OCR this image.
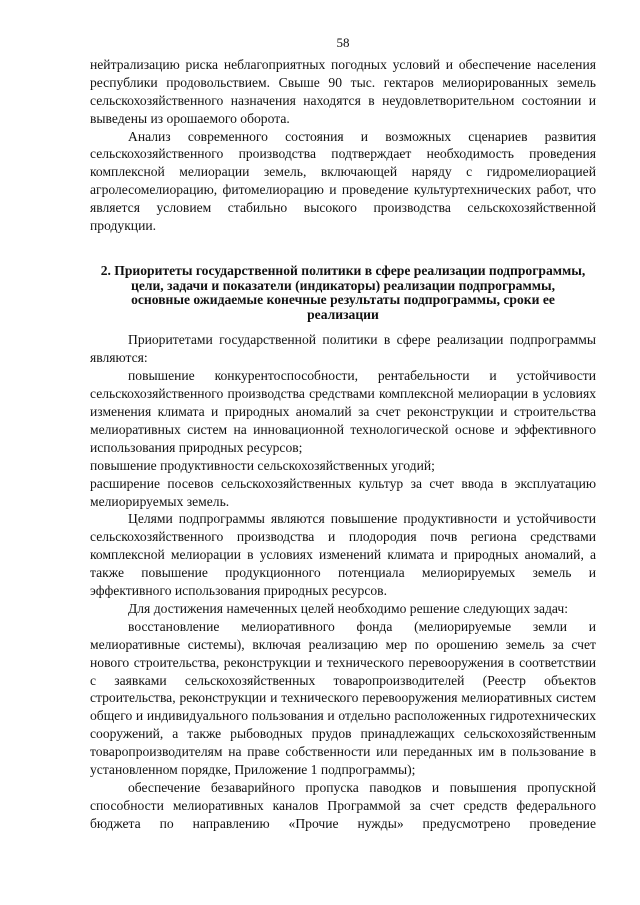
58

нейтрализацию риска неблагоприятных погодных условий и обеспечение населения республики продовольствием. Свыше 90 тыс. гектаров мелиорированных земель сельскохозяйственного назначения находятся в неудовлетворительном состоянии и выведены из орошаемого оборота.

Анализ современного состояния и возможных сценариев развития сельскохозяйственного производства подтверждает необходимость проведения комплексной мелиорации земель, включающей наряду с гидромелиорацией агролесомелиорацию, фитомелиорацию и проведение культуртехнических работ, что является условием стабильно высокого производства сельскохозяйственной продукции.

2. Приоритеты государственной политики в сфере реализации подпрограммы, цели, задачи и показатели (индикаторы) реализации подпрограммы, основные ожидаемые конечные результаты подпрограммы, сроки ее реализации

Приоритетами государственной политики в сфере реализации подпрограммы являются:

повышение конкурентоспособности, рентабельности и устойчивости сельскохозяйственного производства средствами комплексной мелиорации в условиях изменения климата и природных аномалий за счет реконструкции и строительства мелиоративных систем на инновационной технологической основе и эффективного использования природных ресурсов;

повышение продуктивности сельскохозяйственных угодий;

расширение посевов сельскохозяйственных культур за счет ввода в эксплуатацию мелиорируемых земель.

Целями подпрограммы являются повышение продуктивности и устойчивости сельскохозяйственного производства и плодородия почв региона средствами комплексной мелиорации в условиях изменений климата и природных аномалий, а также повышение продукционного потенциала мелиорируемых земель и эффективного использования природных ресурсов.

Для достижения намеченных целей необходимо решение следующих задач:

восстановление мелиоративного фонда (мелиорируемые земли и мелиоративные системы), включая реализацию мер по орошению земель за счет нового строительства, реконструкции и технического перевооружения в соответствии с заявками сельскохозяйственных товаропроизводителей (Реестр объектов строительства, реконструкции и технического перевооружения мелиоративных систем общего и индивидуального пользования и отдельно расположенных гидротехнических сооружений, а также рыбоводных прудов принадлежащих сельскохозяйственным товаропроизводителям на праве собственности или переданных им в пользование в установленном порядке, Приложение 1 подпрограммы);

обеспечение безаварийного пропуска паводков и повышения пропускной способности мелиоративных каналов Программой за счет средств федерального бюджета по направлению «Прочие нужды» предусмотрено проведение
